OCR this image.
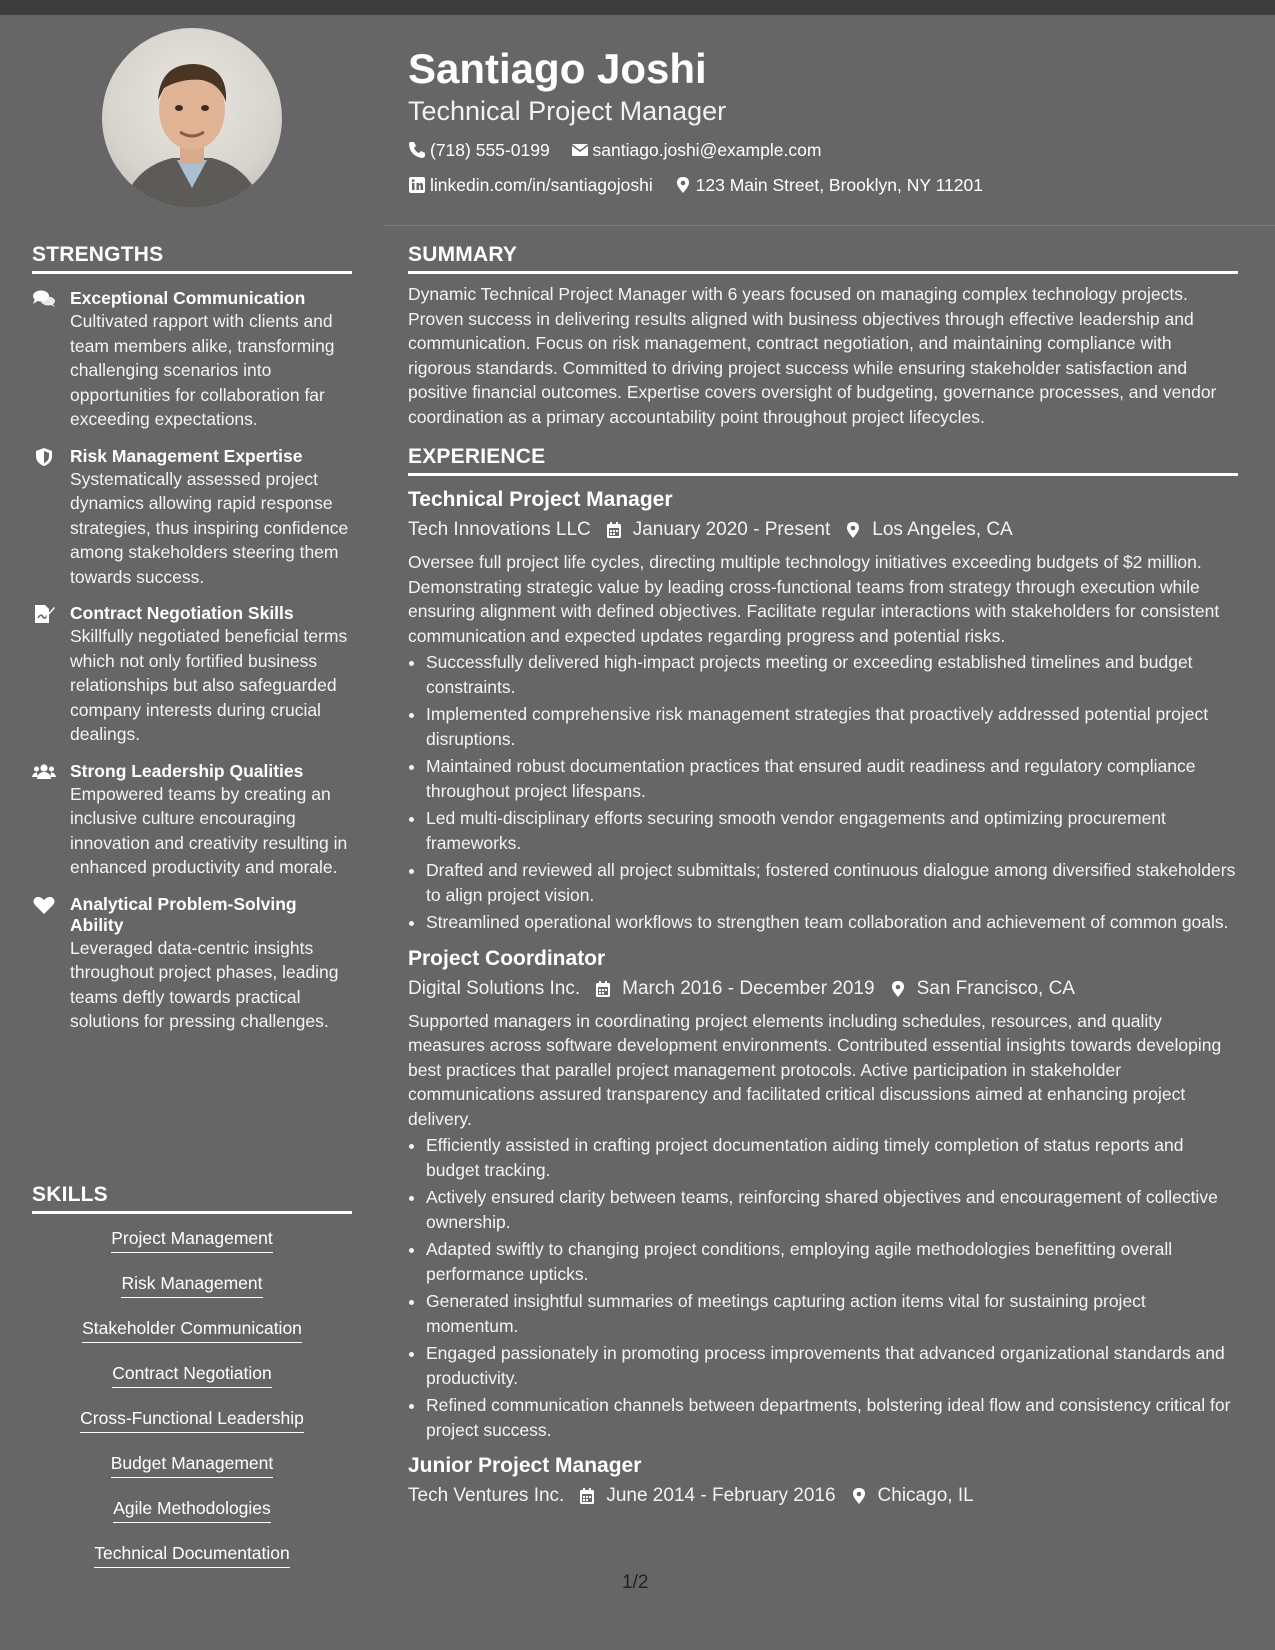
STRENGTHS
Exceptional Communication
Cultivated rapport with clients and team members alike, transforming challenging scenarios into opportunities for collaboration far exceeding expectations.
Risk Management Expertise
Systematically assessed project dynamics allowing rapid response strategies, thus inspiring confidence among stakeholders steering them towards success.
Contract Negotiation Skills
Skillfully negotiated beneficial terms which not only fortified business relationships but also safeguarded company interests during crucial dealings.
Strong Leadership Qualities
Empowered teams by creating an inclusive culture encouraging innovation and creativity resulting in enhanced productivity and morale.
Analytical Problem-Solving Ability
Leveraged data-centric insights throughout project phases, leading teams deftly towards practical solutions for pressing challenges.
SKILLS
Project Management
Risk Management
Stakeholder Communication
Contract Negotiation
Cross-Functional Leadership
Budget Management
Agile Methodologies
Technical Documentation
Santiago Joshi
Technical Project Manager
(718) 555-0199
santiago.joshi@example.com
linkedin.com/in/santiagojoshi
123 Main Street, Brooklyn, NY 11201
SUMMARY

Dynamic Technical Project Manager with 6 years focused on managing complex technology projects. Proven success in delivering results aligned with business objectives through effective leadership and communication. Focus on risk management, contract negotiation, and maintaining compliance with rigorous standards. Committed to driving project success while ensuring stakeholder satisfaction and positive financial outcomes. Expertise covers oversight of budgeting, governance processes, and vendor coordination as a primary accountability point throughout project lifecycles.

EXPERIENCE
Technical Project Manager
Tech Innovations LLC January 2020 - Present Los Angeles, CA

Oversee full project life cycles, directing multiple technology initiatives exceeding budgets of $2 million. Demonstrating strategic value by leading cross-functional teams from strategy through execution while ensuring alignment with defined objectives. Facilitate regular interactions with stakeholders for consistent communication and expected updates regarding progress and potential risks.

• Successfully delivered high-impact projects meeting or exceeding established timelines and budget constraints.
• Implemented comprehensive risk management strategies that proactively addressed potential project disruptions.
• Maintained robust documentation practices that ensured audit readiness and regulatory compliance throughout project lifespans.
• Led multi-disciplinary efforts securing smooth vendor engagements and optimizing procurement frameworks.
• Drafted and reviewed all project submittals; fostered continuous dialogue among diversified stakeholders to align project vision.
• Streamlined operational workflows to strengthen team collaboration and achievement of common goals.
Project Coordinator
Digital Solutions Inc. March 2016 - December 2019 San Francisco, CA

Supported managers in coordinating project elements including schedules, resources, and quality measures across software development environments. Contributed essential insights towards developing best practices that parallel project management protocols. Active participation in stakeholder communications assured transparency and facilitated critical discussions aimed at enhancing project delivery.

• Efficiently assisted in crafting project documentation aiding timely completion of status reports and budget tracking.
• Actively ensured clarity between teams, reinforcing shared objectives and encouragement of collective ownership.
• Adapted swiftly to changing project conditions, employing agile methodologies benefitting overall performance upticks.
• Generated insightful summaries of meetings capturing action items vital for sustaining project momentum.
• Engaged passionately in promoting process improvements that advanced organizational standards and productivity.
• Refined communication channels between departments, bolstering ideal flow and consistency critical for project success.
Junior Project Manager
Tech Ventures Inc. June 2014 - February 2016 Chicago, IL
1/2
